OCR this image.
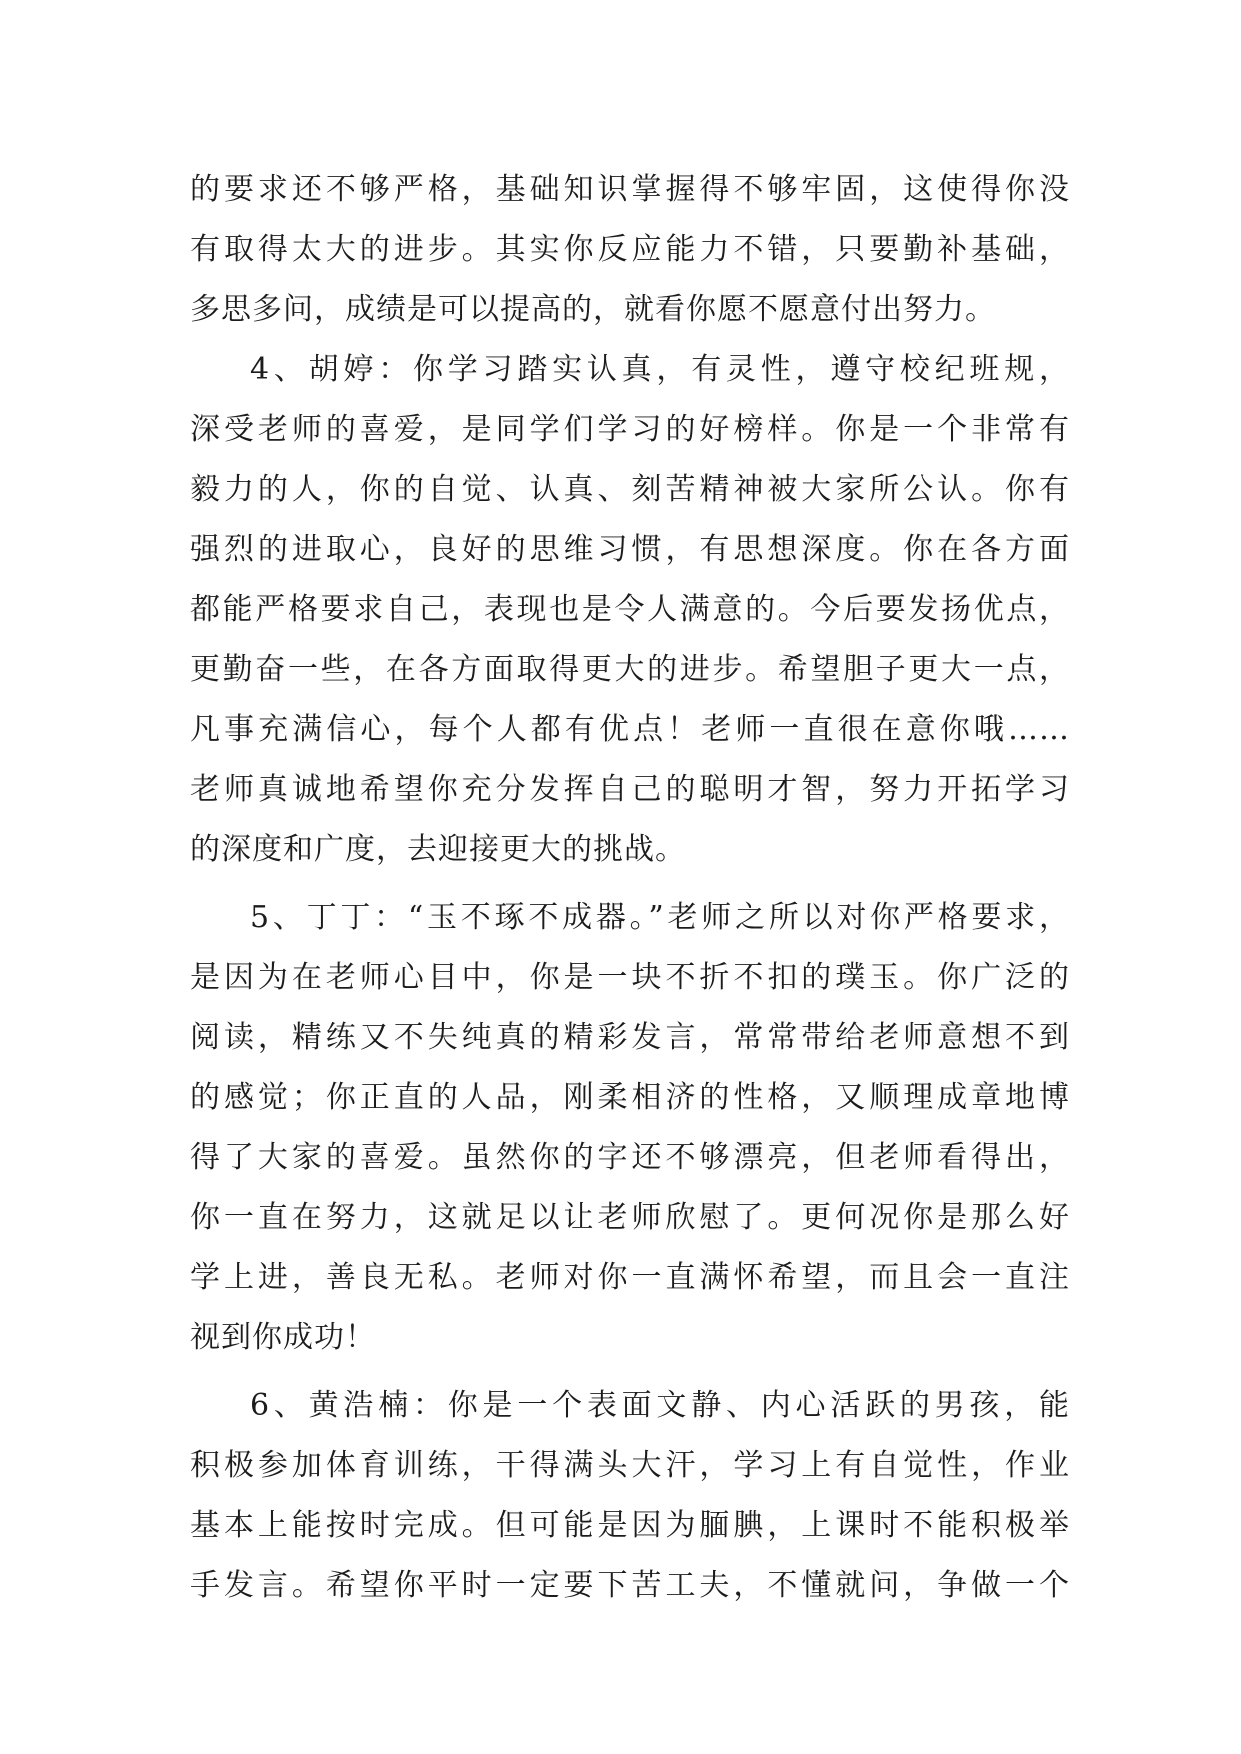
的要求还不够严格，基础知识掌握得不够牢固，这使得你没
有取得太大的进步。其实你反应能力不错，只要勤补基础，
多思多问，成绩是可以提高的，就看你愿不愿意付出努力。
4、胡婷：你学习踏实认真，有灵性，遵守校纪班规，
深受老师的喜爱，是同学们学习的好榜样。你是一个非常有
毅力的人，你的自觉、认真、刻苦精神被大家所公认。你有
强烈的进取心，良好的思维习惯，有思想深度。你在各方面
都能严格要求自己，表现也是令人满意的。今后要发扬优点，
更勤奋一些，在各方面取得更大的进步。希望胆子更大一点，
凡事充满信心，每个人都有优点！老师一直很在意你哦……
老师真诚地希望你充分发挥自己的聪明才智，努力开拓学习
的深度和广度，去迎接更大的挑战。
5、丁丁：“玉不琢不成器。”老师之所以对你严格要求，
是因为在老师心目中，你是一块不折不扣的璞玉。你广泛的
阅读，精练又不失纯真的精彩发言，常常带给老师意想不到
的感觉；你正直的人品，刚柔相济的性格，又顺理成章地博
得了大家的喜爱。虽然你的字还不够漂亮，但老师看得出，
你一直在努力，这就足以让老师欣慰了。更何况你是那么好
学上进，善良无私。老师对你一直满怀希望，而且会一直注
视到你成功！
6、黄浩楠：你是一个表面文静、内心活跃的男孩，能
积极参加体育训练，干得满头大汗，学习上有自觉性，作业
基本上能按时完成。但可能是因为腼腆，上课时不能积极举
手发言。希望你平时一定要下苦工夫，不懂就问，争做一个
